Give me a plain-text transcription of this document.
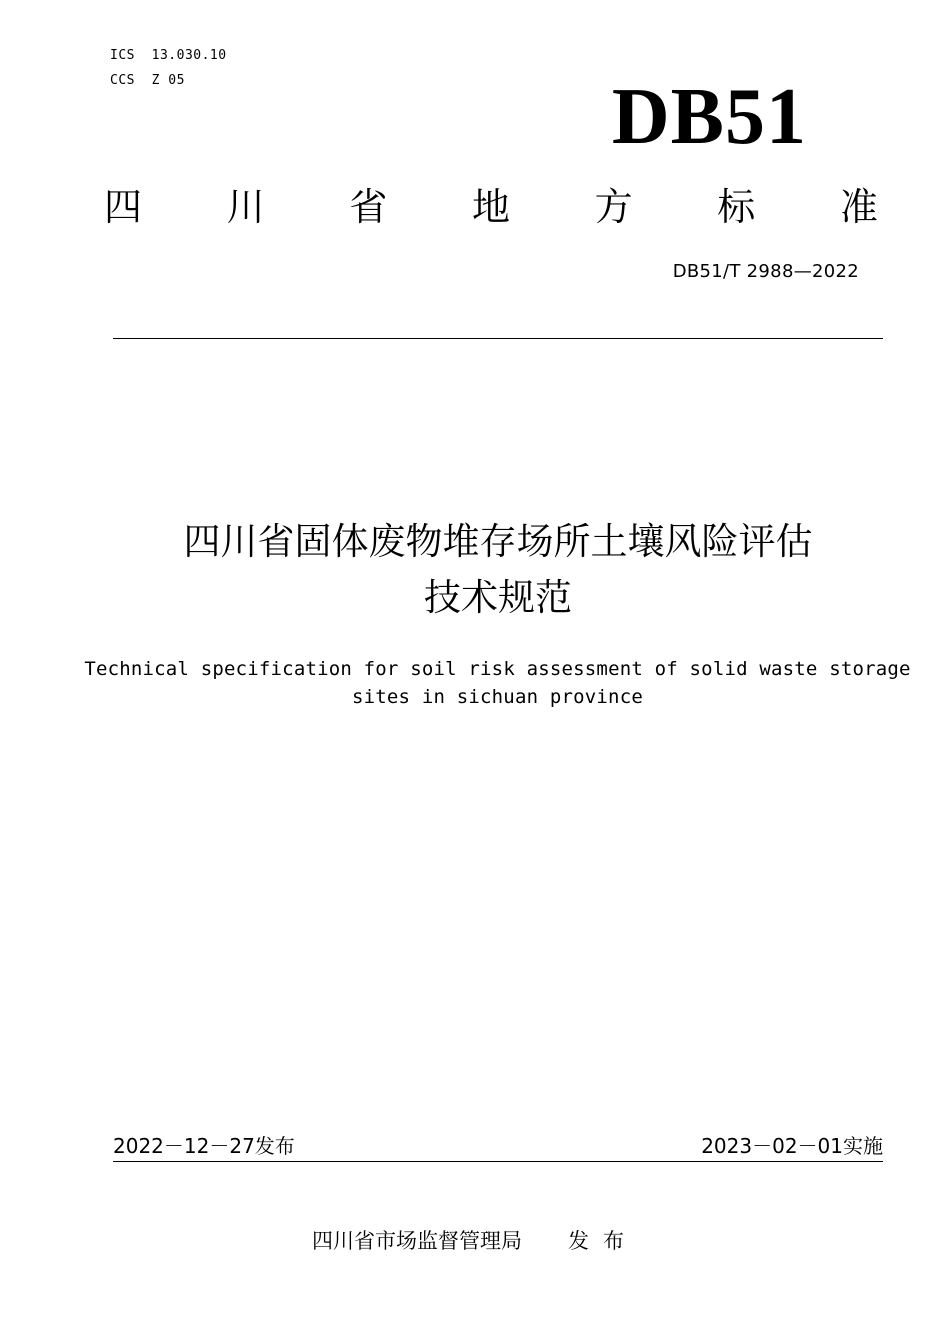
ICS  13.030.10
CCS  Z 05	DB51
四 川 省 地 方 标 准
DB51/T 2988—2022
四川省固体废物堆存场所土壤风险评估
技术规范
Technical specification for soil risk assessment of solid waste storage
sites in sichuan province
2022－12－27发布	2023－02－01实施
四川省市场监督管理局 发布
